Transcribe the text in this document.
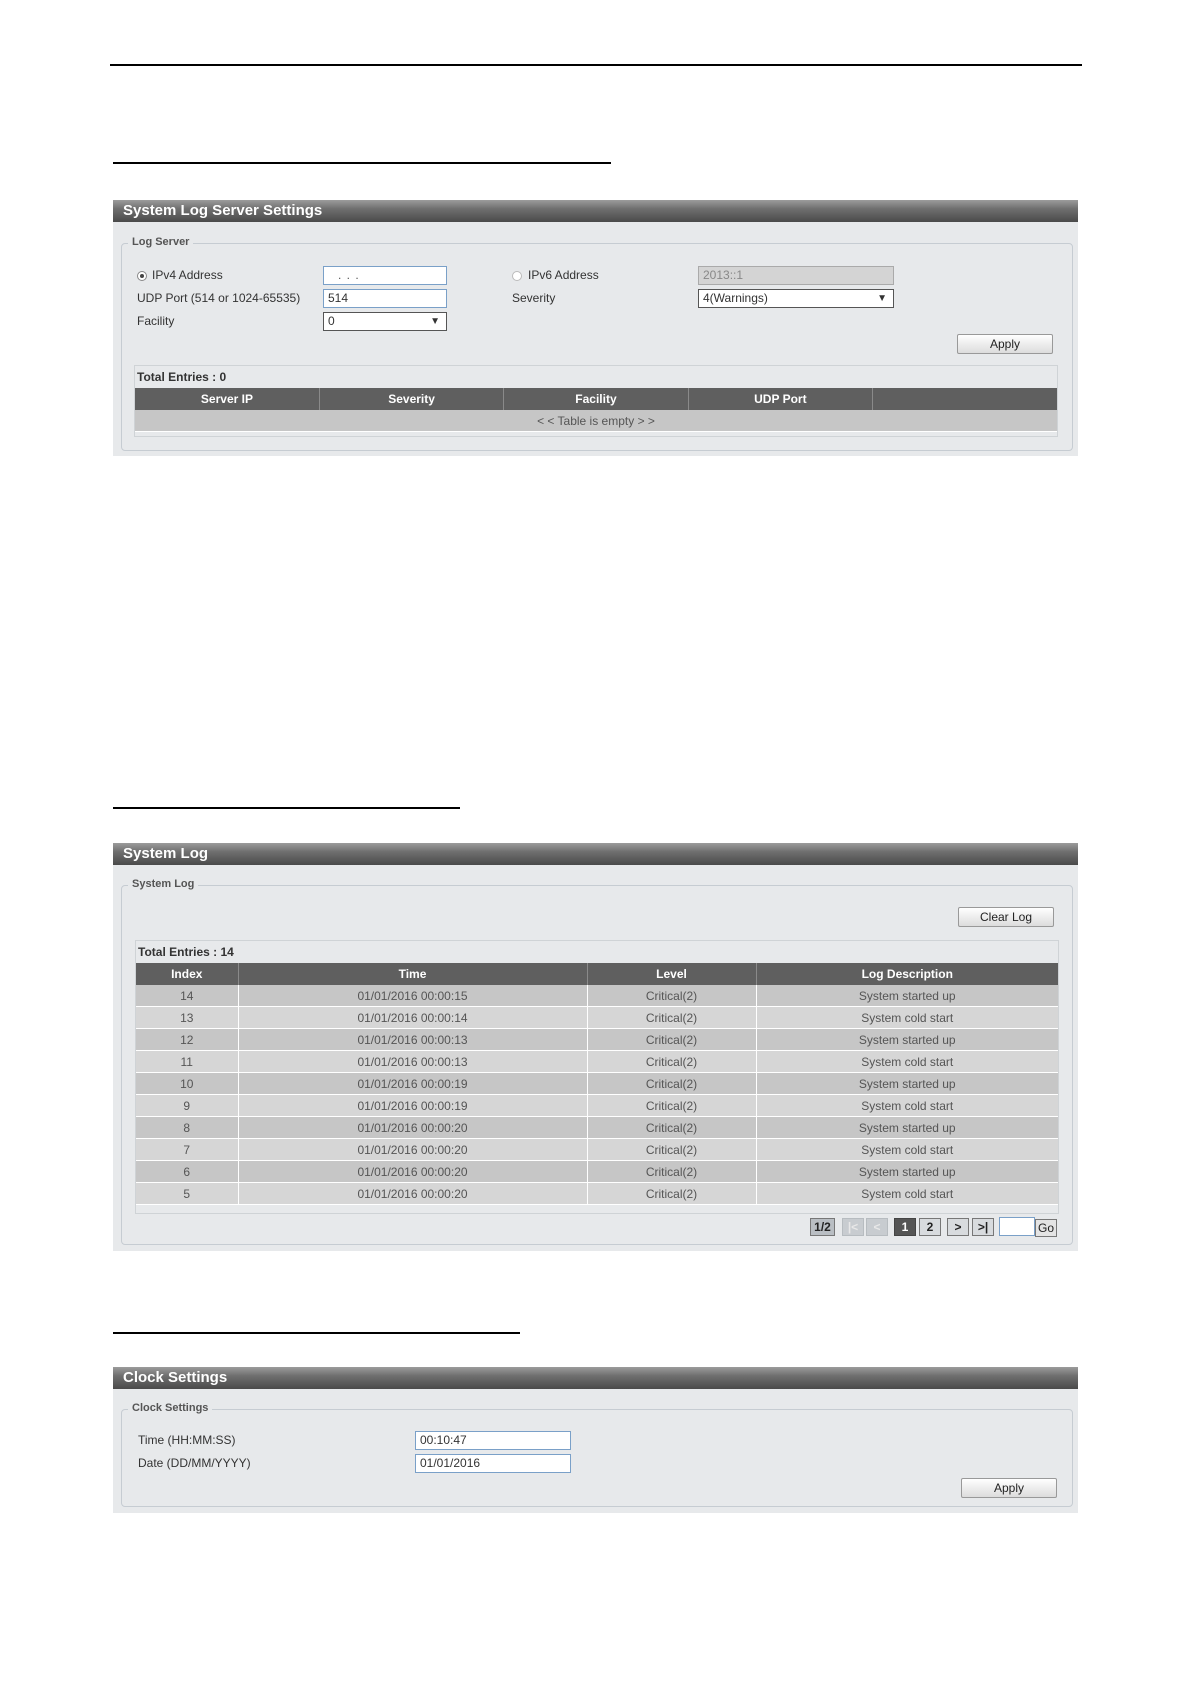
System Log Server Settings
Log Server
IPv4 Address	. . .	IPv6 Address	2013::1
UDP Port (514 or 1024-65535)	514	Severity	4(Warnings)	▼
Facility	0	▼
Apply
Total Entries : 0
Server IP	Severity	Facility	UDP Port	
< < Table is empty > >
System Log
System Log
Clear Log
Total Entries : 14
Index	Time	Level	Log Description
14	01/01/2016 00:00:15	Critical(2)	System started up
13	01/01/2016 00:00:14	Critical(2)	System cold start
12	01/01/2016 00:00:13	Critical(2)	System started up
11	01/01/2016 00:00:13	Critical(2)	System cold start
10	01/01/2016 00:00:19	Critical(2)	System started up
9	01/01/2016 00:00:19	Critical(2)	System cold start
8	01/01/2016 00:00:20	Critical(2)	System started up
7	01/01/2016 00:00:20	Critical(2)	System cold start
6	01/01/2016 00:00:20	Critical(2)	System started up
5	01/01/2016 00:00:20	Critical(2)	System cold start
1/2	|<	<	1	2	>	>|	Go
Clock Settings
Clock Settings
Time (HH:MM:SS)	00:10:47
Date (DD/MM/YYYY)	01/01/2016
Apply
